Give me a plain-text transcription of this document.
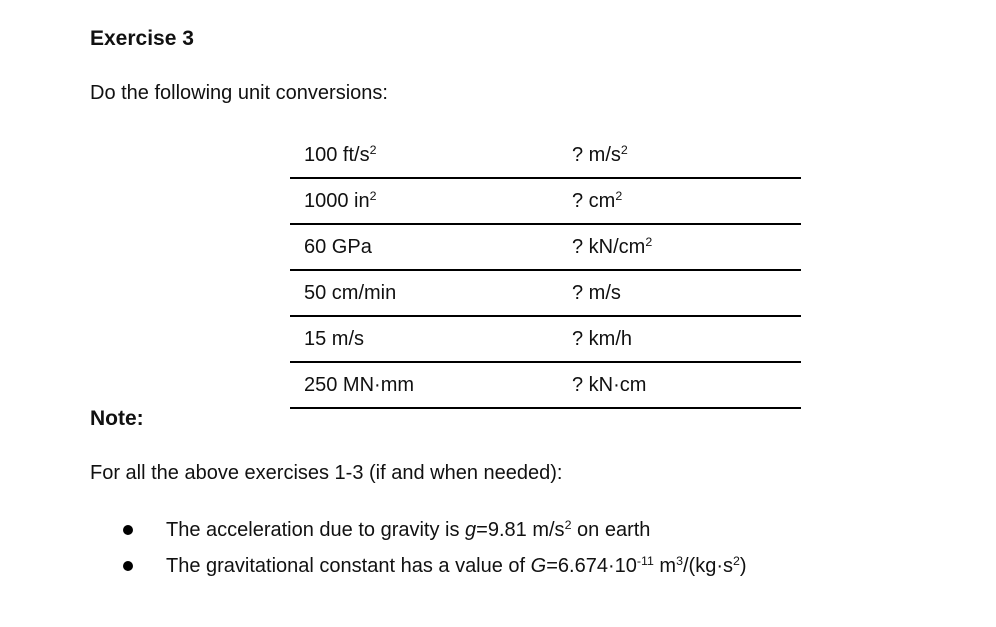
Exercise 3

Do the following unit conversions:

100 $ft/s^2$	? $m/s^2$
1000 $in^2$	? $cm^2$
60 GPa	? $kN/cm^2$
50 cm/min	? m/s
15 m/s	? km/h
250 MN·mm	? kN·cm

Note:

For all the above exercises 1-3 (if and when needed):

The acceleration due to gravity is g=9.81 $m/s^2$ on earth
The gravitational constant has a value of $G=6.674\cdot 10^{-11}$ $m^3/(kg\cdot s^2)$
